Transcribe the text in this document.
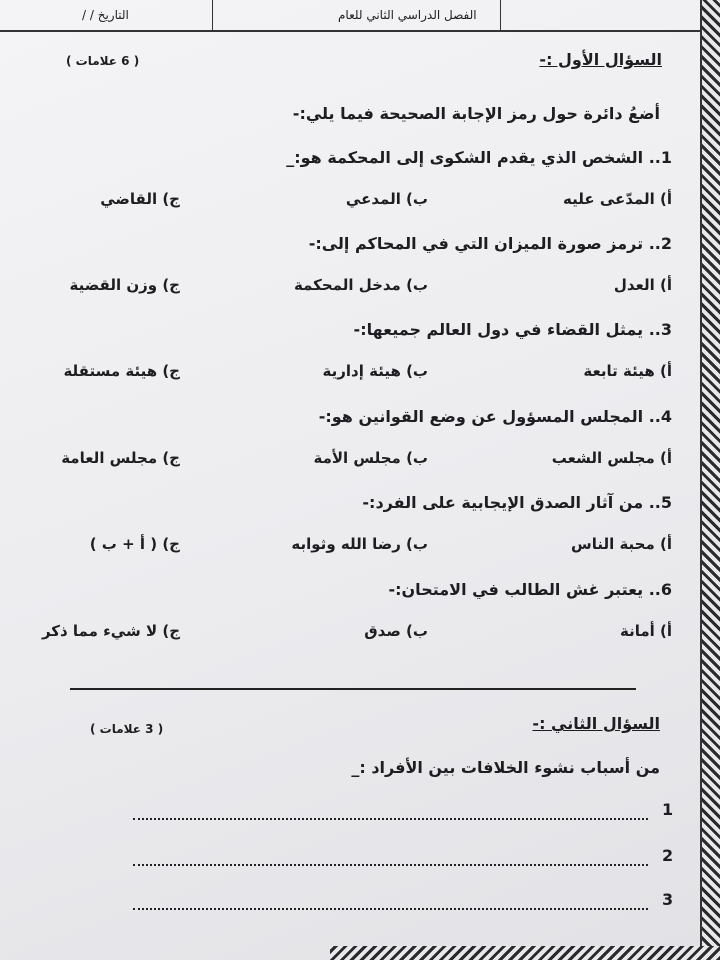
التاريخ / /	الفصل الدراسي الثاني للعام
السؤال الأول :-
( 6 علامات )
أضعُ دائرة حول رمز الإجابة الصحيحة فيما يلي:-
1.. الشخص الذي يقدم الشكوى إلى المحكمة هو:_
أ) المدّعى عليه
ب) المدعي
ج) القاضي
2.. ترمز صورة الميزان التي في المحاكم إلى:-
أ) العدل
ب) مدخل المحكمة
ج) وزن القضية
3.. يمثل القضاء في دول العالم جميعها:-
أ) هيئة تابعة
ب) هيئة إدارية
ج) هيئة مستقلة
4.. المجلس المسؤول عن وضع القوانين هو:-
أ) مجلس الشعب
ب) مجلس الأمة
ج) مجلس العامة
5.. من آثار الصدق الإيجابية على الفرد:-
أ) محبة الناس
ب) رضا الله وثوابه
ج) ( أ + ب )
6.. يعتبر غش الطالب في الامتحان:-
أ) أمانة
ب) صدق
ج) لا شيء مما ذكر
السؤال الثاني :-
( 3 علامات )
من أسباب نشوء الخلافات بين الأفراد :_
1
2
3
